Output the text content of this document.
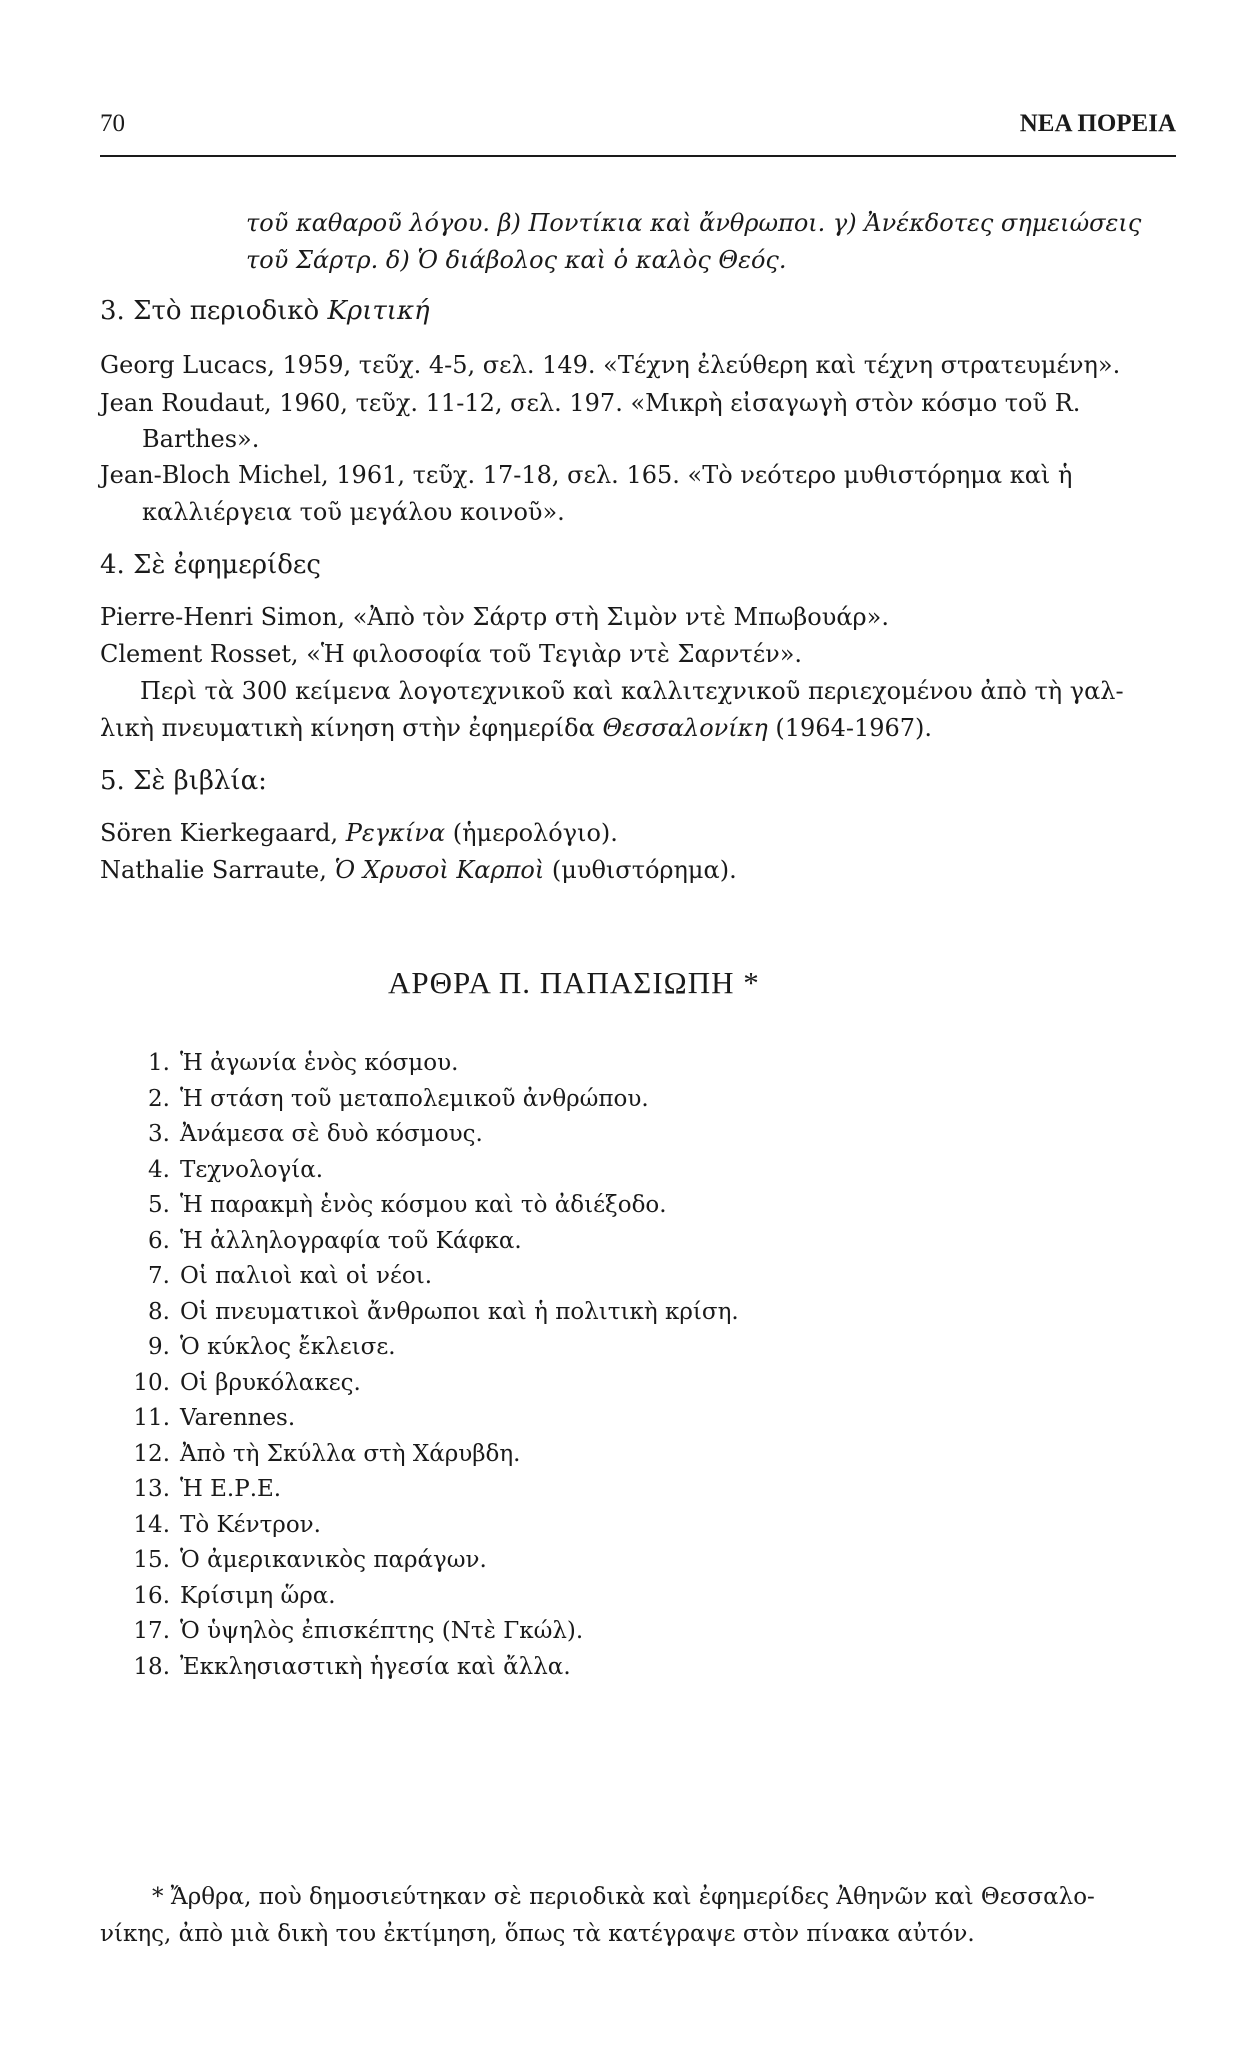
70	ΝΕΑ ΠΟΡΕΙΑ
τοῦ καθαροῦ λόγου. β) Ποντίκια καὶ ἄνθρωποι. γ) Ἀνέκδοτες σημειώσεις
τοῦ Σάρτρ. δ) Ὁ διάβολος καὶ ὁ καλὸς Θεός.
3. Στὸ περιοδικὸ Κριτική
Georg Lucacs, 1959, τεῦχ. 4-5, σελ. 149. «Τέχνη ἐλεύθερη καὶ τέχνη στρατευμένη».
Jean Roudaut, 1960, τεῦχ. 11-12, σελ. 197. «Μικρὴ εἰσαγωγὴ στὸν κόσμο τοῦ R.
Barthes».
Jean-Bloch Michel, 1961, τεῦχ. 17-18, σελ. 165. «Τὸ νεότερο μυθιστόρημα καὶ ἡ
καλλιέργεια τοῦ μεγάλου κοινοῦ».
4. Σὲ ἐφημερίδες
Pierre-Henri Simon, «Ἀπὸ τὸν Σάρτρ στὴ Σιμὸν ντὲ Μπωβουάρ».
Clement Rosset, «Ἡ φιλοσοφία τοῦ Τεγιὰρ ντὲ Σαρντέν».
Περὶ τὰ 300 κείμενα λογοτεχνικοῦ καὶ καλλιτεχνικοῦ περιεχομένου ἀπὸ τὴ γαλ-
λικὴ πνευματικὴ κίνηση στὴν ἐφημερίδα Θεσσαλονίκη (1964-1967).
5. Σὲ βιβλία:
Sören Kierkegaard, Ρεγκίνα (ἡμερολόγιο).
Nathalie Sarraute, Ὁ Χρυσοὶ Καρποὶ (μυθιστόρημα).
ΑΡΘΡΑ Π. ΠΑΠΑΣΙΩΠΗ *
1. Ἡ ἀγωνία ἑνὸς κόσμου.
2. Ἡ στάση τοῦ μεταπολεμικοῦ ἀνθρώπου.
3. Ἀνάμεσα σὲ δυὸ κόσμους.
4. Τεχνολογία.
5. Ἡ παρακμὴ ἑνὸς κόσμου καὶ τὸ ἀδιέξοδο.
6. Ἡ ἀλληλογραφία τοῦ Κάφκα.
7. Οἱ παλιοὶ καὶ οἱ νέοι.
8. Οἱ πνευματικοὶ ἄνθρωποι καὶ ἡ πολιτικὴ κρίση.
9. Ὁ κύκλος ἔκλεισε.
10. Οἱ βρυκόλακες.
11. Varennes.
12. Ἀπὸ τὴ Σκύλλα στὴ Χάρυβδη.
13. Ἡ Ε.Ρ.Ε.
14. Τὸ Κέντρον.
15. Ὁ ἀμερικανικὸς παράγων.
16. Κρίσιμη ὥρα.
17. Ὁ ὑψηλὸς ἐπισκέπτης (Ντὲ Γκώλ).
18. Ἐκκλησιαστικὴ ἡγεσία καὶ ἄλλα.
* Ἄρθρα, ποὺ δημοσιεύτηκαν σὲ περιοδικὰ καὶ ἐφημερίδες Ἀθηνῶν καὶ Θεσσαλο-
νίκης, ἀπὸ μιὰ δικὴ του ἐκτίμηση, ὅπως τὰ κατέγραψε στὸν πίνακα αὐτόν.
